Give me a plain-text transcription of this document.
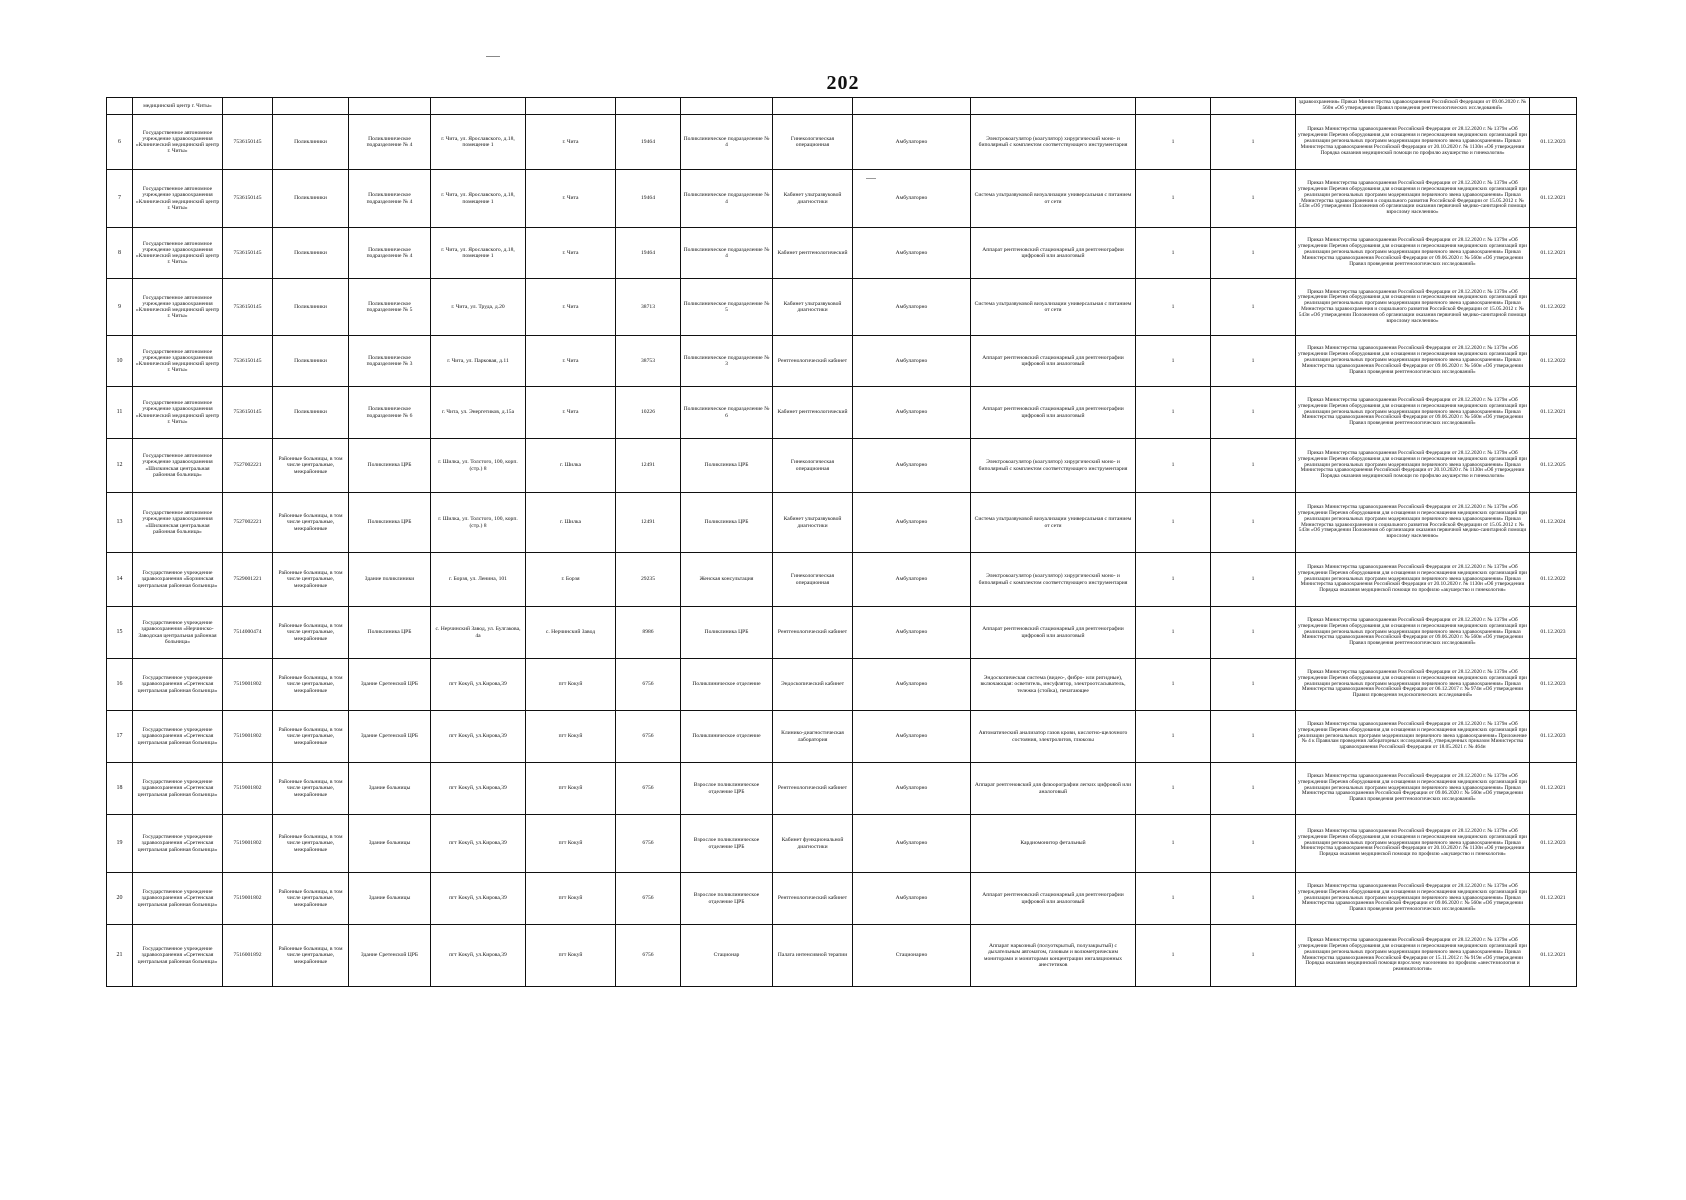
202
	медицинский центр г. Читы»													здравоохранения» Приказ Министерства здравоохранения Российской Федерации от 09.06.2020 г. № 560н «Об утверждении Правил проведения рентгенологических исследований»	
6	Государственное автономное учреждение здравоохранения «Клинический медицинский центр г. Читы»	7536150145	Поликлиники	Поликлиническое подразделение № 4	г. Чита, ул. Ярославского, д.18, помещение 1	г. Чита	19464	Поликлиническое подразделение № 4	Гинекологическая операционная	Амбулаторно	Электрокоагулятор (коагулятор) хирургический моно- и биполярный с комплектом соответствующего инструментария	1	1	Приказ Министерства здравоохранения Российской Федерации от 28.12.2020 г. № 1379н «Об утверждении Перечня оборудования для оснащения и переоснащения медицинских организаций при реализации региональных программ модернизации первичного звена здравоохранения» Приказ Министерства здравоохранения Российской Федерации от 20.10.2020 г. № 1130н «Об утверждении Порядка оказания медицинской помощи по профилю акушерство и гинекология»	01.12.2023
7	Государственное автономное учреждение здравоохранения «Клинический медицинский центр г. Читы»	7536150145	Поликлиники	Поликлиническое подразделение № 4	г. Чита, ул. Ярославского, д.18, помещение 1	г. Чита	19464	Поликлиническое подразделение № 4	Кабинет ультразвуковой диагностики	Амбулаторно	Система ультразвуковой визуализации универсальная с питанием от сети	1	1	Приказ Министерства здравоохранения Российской Федерации от 28.12.2020 г. № 1379н «Об утверждении Перечня оборудования для оснащения и переоснащения медицинских организаций при реализации региональных программ модернизации первичного звена здравоохранения» Приказ Министерства здравоохранения и социального развития Российской Федерации от 15.05.2012 г. № 543н «Об утверждении Положения об организации оказания первичной медико-санитарной помощи взрослому населению»	01.12.2021
8	Государственное автономное учреждение здравоохранения «Клинический медицинский центр г. Читы»	7536150145	Поликлиники	Поликлиническое подразделение № 4	г. Чита, ул. Ярославского, д.18, помещение 1	г. Чита	19464	Поликлиническое подразделение № 4	Кабинет рентгенологический	Амбулаторно	Аппарат рентгеновский стационарный для рентгенографии цифровой или аналоговый	1	1	Приказ Министерства здравоохранения Российской Федерации от 28.12.2020 г. № 1379н «Об утверждении Перечня оборудования для оснащения и переоснащения медицинских организаций при реализации региональных программ модернизации первичного звена здравоохранения» Приказ Министерства здравоохранения Российской Федерации от 09.06.2020 г. № 560н «Об утверждении Правил проведения рентгенологических исследований»	01.12.2021
9	Государственное автономное учреждение здравоохранения «Клинический медицинский центр г. Читы»	7536150145	Поликлиники	Поликлиническое подразделение № 5	г. Чита, ул. Труда, д.20	г. Чита	38713	Поликлиническое подразделение № 5	Кабинет ультразвуковой диагностики	Амбулаторно	Система ультразвуковой визуализации универсальная с питанием от сети	1	1	Приказ Министерства здравоохранения Российской Федерации от 28.12.2020 г. № 1379н «Об утверждении Перечня оборудования для оснащения и переоснащения медицинских организаций при реализации региональных программ модернизации первичного звена здравоохранения» Приказ Министерства здравоохранения и социального развития Российской Федерации от 15.05.2012 г. № 543н «Об утверждении Положения об организации оказания первичной медико-санитарной помощи взрослому населению»	01.12.2022
10	Государственное автономное учреждение здравоохранения «Клинический медицинский центр г. Читы»	7536150145	Поликлиники	Поликлиническое подразделение № 3	г. Чита, ул. Парковая, д.11	г. Чита	38753	Поликлиническое подразделение № 3	Рентгенологический кабинет	Амбулаторно	Аппарат рентгеновский стационарный для рентгенографии цифровой или аналоговый	1	1	Приказ Министерства здравоохранения Российской Федерации от 28.12.2020 г. № 1379н «Об утверждении Перечня оборудования для оснащения и переоснащения медицинских организаций при реализации региональных программ модернизации первичного звена здравоохранения» Приказ Министерства здравоохранения Российской Федерации от 09.06.2020 г. № 560н «Об утверждении Правил проведения рентгенологических исследований»	01.12.2022
11	Государственное автономное учреждение здравоохранения «Клинический медицинский центр г. Читы»	7536150145	Поликлиники	Поликлиническое подразделение № 6	г. Чита, ул. Энергетиков, д.15а	г. Чита	10226	Поликлиническое подразделение № 6	Кабинет рентгенологический	Амбулаторно	Аппарат рентгеновский стационарный для рентгенографии цифровой или аналоговый	1	1	Приказ Министерства здравоохранения Российской Федерации от 28.12.2020 г. № 1379н «Об утверждении Перечня оборудования для оснащения и переоснащения медицинских организаций при реализации региональных программ модернизации первичного звена здравоохранения» Приказ Министерства здравоохранения Российской Федерации от 09.06.2020 г. № 560н «Об утверждении Правил проведения рентгенологических исследований»	01.12.2021
12	Государственное автономное учреждение здравоохранения «Шилкинская центральная районная больница»	7527002221	Районные больницы, в том числе центральные, межрайонные	Поликлиника ЦРБ	г. Шилка, ул. Толстого, 100, корп. (стр.) 8	г. Шилка	12491	Поликлиника ЦРБ	Гинекологическая операционная	Амбулаторно	Электрокоагулятор (коагулятор) хирургический моно- и биполярный с комплектом соответствующего инструментария	1	1	Приказ Министерства здравоохранения Российской Федерации от 28.12.2020 г. № 1379н «Об утверждении Перечня оборудования для оснащения и переоснащения медицинских организаций при реализации региональных программ модернизации первичного звена здравоохранения» Приказ Министерства здравоохранения Российской Федерации от 20.10.2020 г. № 1130н «Об утверждении Порядка оказания медицинской помощи по профилю акушерство и гинекология»	01.12.2025
13	Государственное автономное учреждение здравоохранения «Шилкинская центральная районная больница»	7527002221	Районные больницы, в том числе центральные, межрайонные	Поликлиника ЦРБ	г. Шилка, ул. Толстого, 100, корп. (стр.) 8	г. Шилка	12491	Поликлиника ЦРБ	Кабинет ультразвуковой диагностики	Амбулаторно	Система ультразвуковой визуализации универсальная с питанием от сети	1	1	Приказ Министерства здравоохранения Российской Федерации от 28.12.2020 г. № 1379н «Об утверждении Перечня оборудования для оснащения и переоснащения медицинских организаций при реализации региональных программ модернизации первичного звена здравоохранения» Приказ Министерства здравоохранения и социального развития Российской Федерации от 15.05.2012 г. № 543н «Об утверждении Положения об организации оказания первичной медико-санитарной помощи взрослому населению»	01.12.2024
14	Государственное учреждение здравоохранения «Борзинская центральная районная больница»	7529001221	Районные больницы, в том числе центральные, межрайонные	Здание поликлиники	г. Борзя, ул. Ленина, 101	г. Борзя	29235	Женская консультация	Гинекологическая операционная	Амбулаторно	Электрокоагулятор (коагулятор) хирургический моно- и биполярный с комплектом соответствующего инструментария	1	1	Приказ Министерства здравоохранения Российской Федерации от 28.12.2020 г. № 1379н «Об утверждении Перечня оборудования для оснащения и переоснащения медицинских организаций при реализации региональных программ модернизации первичного звена здравоохранения» Приказ Министерства здравоохранения Российской Федерации от 20.10.2020 г. № 1130н «Об утверждении Порядка оказания медицинской помощи по профилю «акушерство и гинекология»	01.12.2022
15	Государственное учреждение здравоохранения «Нерчинско-Заводская центральная районная больница»	7514000474	Районные больницы, в том числе центральные, межрайонные	Поликлиника ЦРБ	с. Нерчинский Завод, ул. Булгакова, 4а	с. Нерчинский Завод	8986	Поликлиника ЦРБ	Рентгенологический кабинет	Амбулаторно	Аппарат рентгеновский стационарный для рентгенографии цифровой или аналоговый	1	1	Приказ Министерства здравоохранения Российской Федерации от 28.12.2020 г. № 1379н «Об утверждении Перечня оборудования для оснащения и переоснащения медицинских организаций при реализации региональных программ модернизации первичного звена здравоохранения» Приказ Министерства здравоохранения Российской Федерации от 09.06.2020 г. № 560н «Об утверждении Правил проведения рентгенологических исследований»	01.12.2023
16	Государственное учреждение здравоохранения «Сретенская центральная районная больница»	7519001802	Районные больницы, в том числе центральные, межрайонные	Здание Сретенской ЦРБ	пгт Кокуй, ул.Кирова,39	пгт Кокуй	6756	Поликлиническое отделение	Эндоскопический кабинет	Амбулаторно	Эндоскопическая система (видео-, фибро- или ригидные), включающая: осветитель, инсуфлятор, электроотсасыватель, тележка (стойка), печатающее	1	1	Приказ Министерства здравоохранения Российской Федерации от 28.12.2020 г. № 1379н «Об утверждении Перечня оборудования для оснащения и переоснащения медицинских организаций при реализации региональных программ модернизации первичного звена здравоохранения» Приказ Министерства здравоохранения Российской Федерации от 06.12.2017 г. № 974н «Об утверждении Правил проведения эндоскопических исследований»	01.12.2023
17	Государственное учреждение здравоохранения «Сретенская центральная районная больница»	7519001802	Районные больницы, в том числе центральные, межрайонные	Здание Сретенской ЦРБ	пгт Кокуй, ул.Кирова,39	пгт Кокуй	6756	Поликлиническое отделение	Клинико-диагностическая лаборатория	Амбулаторно	Автоматический анализатор газов крови, кислотно-щелочного состояния, электролитов, глюкозы	1	1	Приказ Министерства здравоохранения Российской Федерации от 28.12.2020 г. № 1379н «Об утверждении Перечня оборудования для оснащения и переоснащения медицинских организаций при реализации региональных программ модернизации первичного звена здравоохранения» Приложение № 4 к Правилам проведения лабораторных исследований, утвержденных приказом Министерства здравоохранения Российской Федерации от 18.05.2021 г. № 464н	01.12.2023
18	Государственное учреждение здравоохранения «Сретенская центральная районная больница»	7519001802	Районные больницы, в том числе центральные, межрайонные	Здание больницы	пгт Кокуй, ул.Кирова,39	пгт Кокуй	6756	Взрослое поликлиническое отделение ЦРБ	Рентгенологический кабинет	Амбулаторно	Аппарат рентгеновский для флюорографии легких цифровой или аналоговый	1	1	Приказ Министерства здравоохранения Российской Федерации от 28.12.2020 г. № 1379н «Об утверждении Перечня оборудования для оснащения и переоснащения медицинских организаций при реализации региональных программ модернизации первичного звена здравоохранения» Приказ Министерства здравоохранения Российской Федерации от 09.06.2020 г. № 560н «Об утверждении Правил проведения рентгенологических исследований»	01.12.2021
19	Государственное учреждение здравоохранения «Сретенская центральная районная больница»	7519001802	Районные больницы, в том числе центральные, межрайонные	Здание больницы	пгт Кокуй, ул.Кирова,39	пгт Кокуй	6756	Взрослое поликлиническое отделение ЦРБ	Кабинет функциональной диагностики	Амбулаторно	Кардиомонитор фетальный	1	1	Приказ Министерства здравоохранения Российской Федерации от 28.12.2020 г. № 1379н «Об утверждении Перечня оборудования для оснащения и переоснащения медицинских организаций при реализации региональных программ модернизации первичного звена здравоохранения» Приказ Министерства здравоохранения Российской Федерации от 20.10.2020 г. № 1130н «Об утверждении Порядка оказания медицинской помощи по профилю «акушерство и гинекология»	01.12.2023
20	Государственное учреждение здравоохранения «Сретенская центральная районная больница»	7519001802	Районные больницы, в том числе центральные, межрайонные	Здание больницы	пгт Кокуй, ул.Кирова,39	пгт Кокуй	6756	Взрослое поликлиническое отделение ЦРБ	Рентгенологический кабинет	Амбулаторно	Аппарат рентгеновский стационарный для рентгенографии цифровой или аналоговый	1	1	Приказ Министерства здравоохранения Российской Федерации от 28.12.2020 г. № 1379н «Об утверждении Перечня оборудования для оснащения и переоснащения медицинских организаций при реализации региональных программ модернизации первичного звена здравоохранения» Приказ Министерства здравоохранения Российской Федерации от 09.06.2020 г. № 560н «Об утверждении Правил проведения рентгенологических исследований»	01.12.2021
21	Государственное учреждение здравоохранения «Сретенская центральная районная больница»	7516001892	Районные больницы, в том числе центральные, межрайонные	Здание Сретенской ЦРБ	пгт Кокуй, ул.Кирова,39	пгт Кокуй	6756	Стационар	Палата интенсивной терапии	Стационарно	Аппарат наркозный (полуоткрытый, полузакрытый) с дыхательным автоматом, газовым и волюметрическим мониторами и мониторами концентрации ингаляционных анестетиков	1	1	Приказ Министерства здравоохранения Российской Федерации от 28.12.2020 г. № 1379н «Об утверждении Перечня оборудования для оснащения и переоснащения медицинских организаций при реализации региональных программ модернизации первичного звена здравоохранения» Приказ Министерства здравоохранения Российской Федерации от 15.11.2012 г. № 919н «Об утверждении Порядка оказания медицинской помощи взрослому населению по профилю «анестезиология и реаниматология»	01.12.2021
